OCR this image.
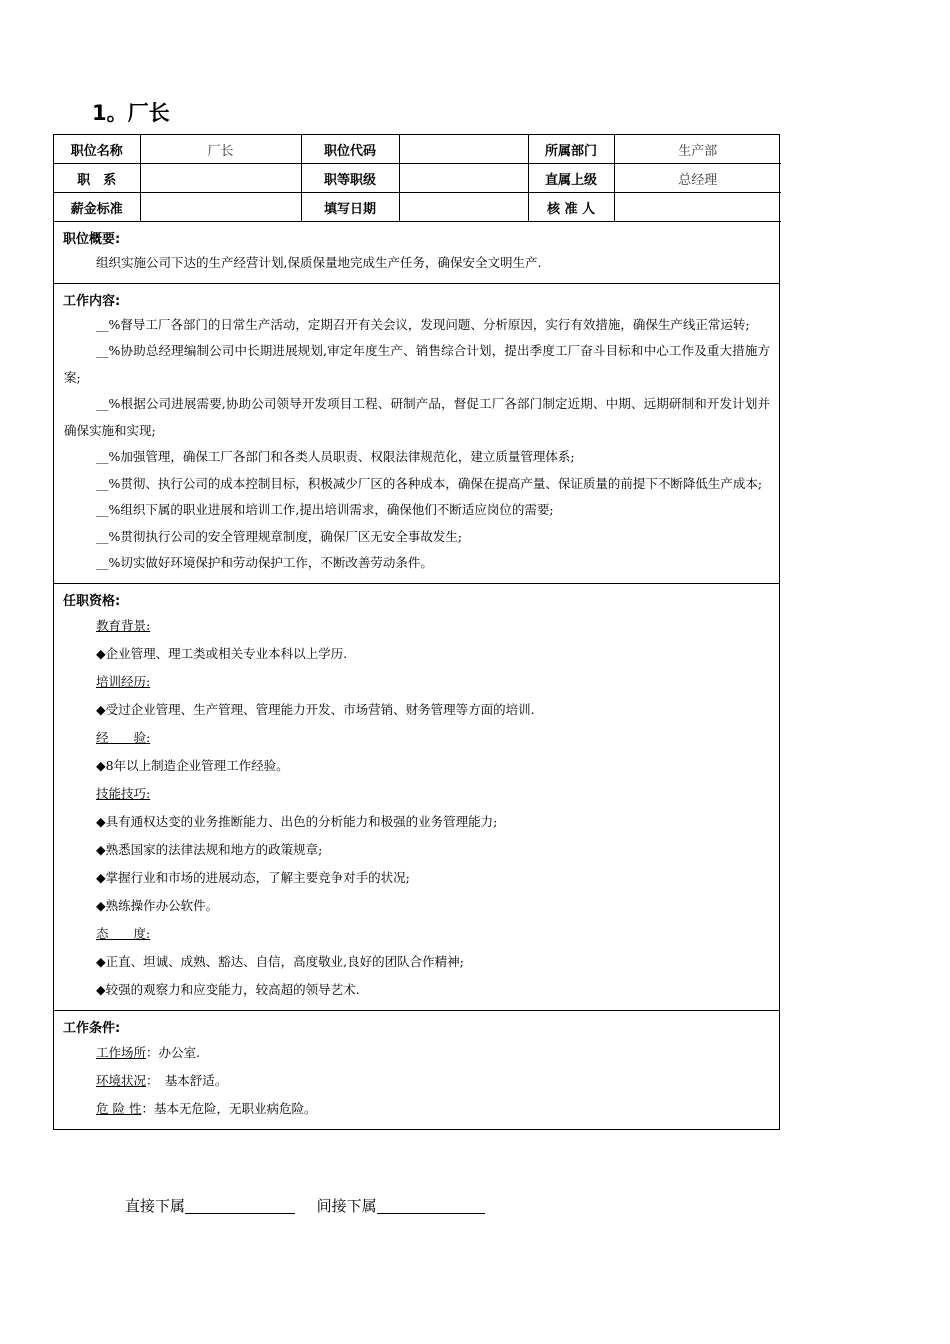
1。厂长
职位名称	厂长	职位代码		所属部门	生产部
职　系		职等职级		直属上级	总经理
薪金标准		填写日期		核 准 人	
职位概要:
组织实施公司下达的生产经营计划,保质保量地完成生产任务，确保安全文明生产.
工作内容:
__%督导工厂各部门的日常生产活动，定期召开有关会议，发现问题、分析原因，实行有效措施，确保生产线正常运转;
__%协助总经理编制公司中长期进展规划,审定年度生产、销售综合计划，提出季度工厂奋斗目标和中心工作及重大措施方案;
__%根据公司进展需要,协助公司领导开发项目工程、研制产品，督促工厂各部门制定近期、中期、远期研制和开发计划并确保实施和实现;
__%加强管理，确保工厂各部门和各类人员职责、权限法律规范化，建立质量管理体系;
__%贯彻、执行公司的成本控制目标，积极减少厂区的各种成本，确保在提高产量、保证质量的前提下不断降低生产成本;
__%组织下属的职业进展和培训工作,提出培训需求，确保他们不断适应岗位的需要;
__%贯彻执行公司的安全管理规章制度，确保厂区无安全事故发生;
__%切实做好环境保护和劳动保护工作，不断改善劳动条件。
任职资格:
教育背景:
◆企业管理、理工类或相关专业本科以上学历.
培训经历:
◆受过企业管理、生产管理、管理能力开发、市场营销、财务管理等方面的培训.
经　　验:
◆8年以上制造企业管理工作经验。
技能技巧:
◆具有通权达变的业务推断能力、出色的分析能力和极强的业务管理能力;
◆熟悉国家的法律法规和地方的政策规章;
◆掌握行业和市场的进展动态，了解主要竞争对手的状况;
◆熟练操作办公软件。
态　　度:
◆正直、坦诚、成熟、豁达、自信，高度敬业,良好的团队合作精神;
◆较强的观察力和应变能力，较高超的领导艺术.
工作条件:
工作场所：办公室.
环境状况：　基本舒适。
危 险 性：基本无危险，无职业病危险。
直接下属	间接下属
